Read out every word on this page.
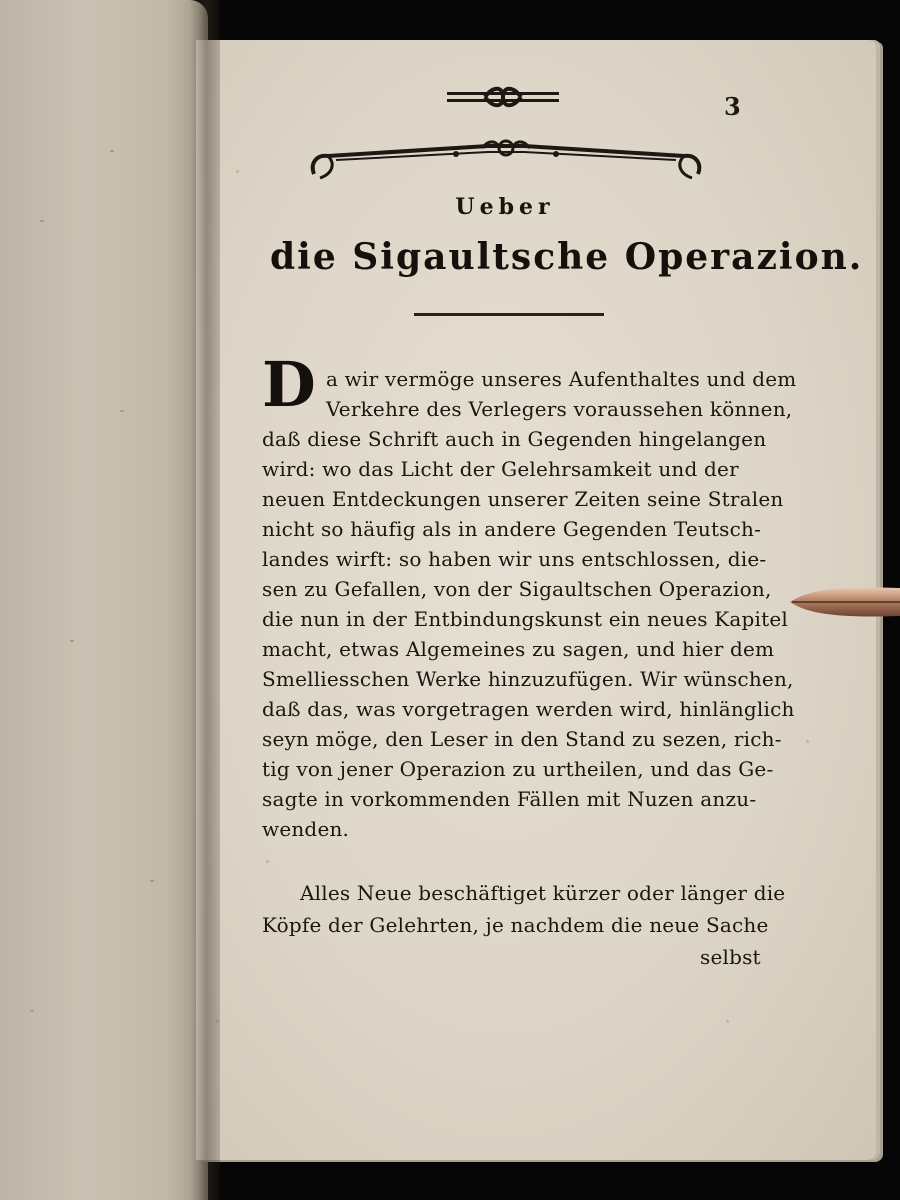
3
Ueber
die Sigaultsche Operazion.
D a wir vermöge unseres Aufenthaltes und dem
Verkehre des Verlegers voraussehen können,
daß diese Schrift auch in Gegenden hingelangen
wird: wo das Licht der Gelehrsamkeit und der
neuen Entdeckungen unserer Zeiten seine Stralen
nicht so häufig als in andere Gegenden Teutsch-
landes wirft: so haben wir uns entschlossen, die-
sen zu Gefallen, von der Sigaultschen Operazion,
die nun in der Entbindungskunst ein neues Kapitel
macht, etwas Algemeines zu sagen, und hier dem
Smelliesschen Werke hinzuzufügen. Wir wünschen,
daß das, was vorgetragen werden wird, hinlänglich
seyn möge, den Leser in den Stand zu sezen, rich-
tig von jener Operazion zu urtheilen, und das Ge-
sagte in vorkommenden Fällen mit Nuzen anzu-
wenden.
Alles Neue beschäftiget kürzer oder länger die
Köpfe der Gelehrten, je nachdem die neue Sache
selbst
